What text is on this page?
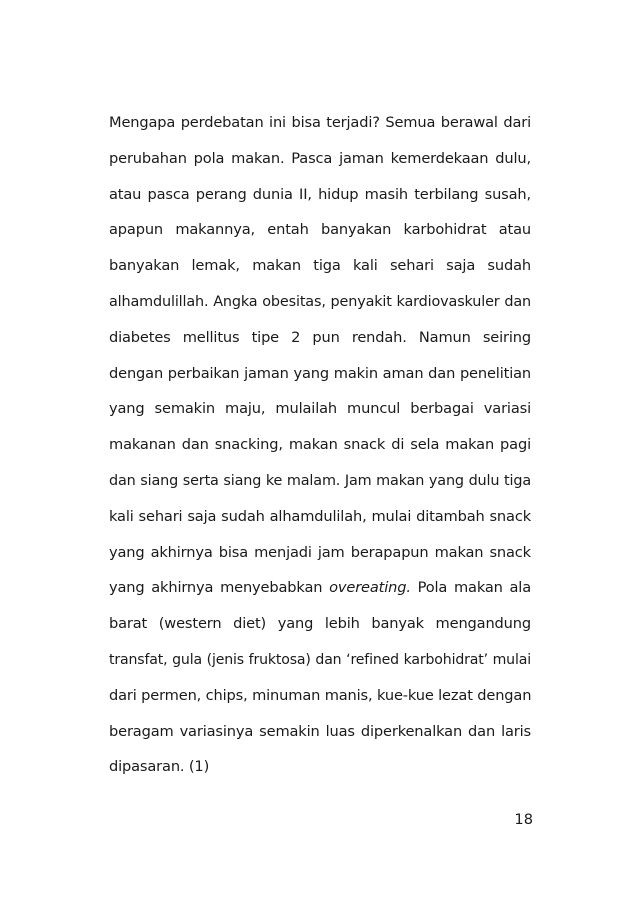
Mengapa perdebatan ini bisa terjadi? Semua berawal dari
perubahan pola makan. Pasca jaman kemerdekaan dulu,
atau pasca perang dunia II, hidup masih terbilang susah,
apapun makannya, entah banyakan karbohidrat atau
banyakan lemak, makan tiga kali sehari saja sudah
alhamdulillah. Angka obesitas, penyakit kardiovaskuler dan
diabetes mellitus tipe 2 pun rendah. Namun seiring
dengan perbaikan jaman yang makin aman dan penelitian
yang semakin maju, mulailah muncul berbagai variasi
makanan dan snacking, makan snack di sela makan pagi
dan siang serta siang ke malam. Jam makan yang dulu tiga
kali sehari saja sudah alhamdulilah, mulai ditambah snack
yang akhirnya bisa menjadi jam berapapun makan snack
yang akhirnya menyebabkan overeating. Pola makan ala
barat (western diet) yang lebih banyak mengandung
transfat, gula (jenis fruktosa) dan ‘refined karbohidrat’ mulai
dari permen, chips, minuman manis, kue-kue lezat dengan
beragam variasinya semakin luas diperkenalkan dan laris
dipasaran. (1)
18
